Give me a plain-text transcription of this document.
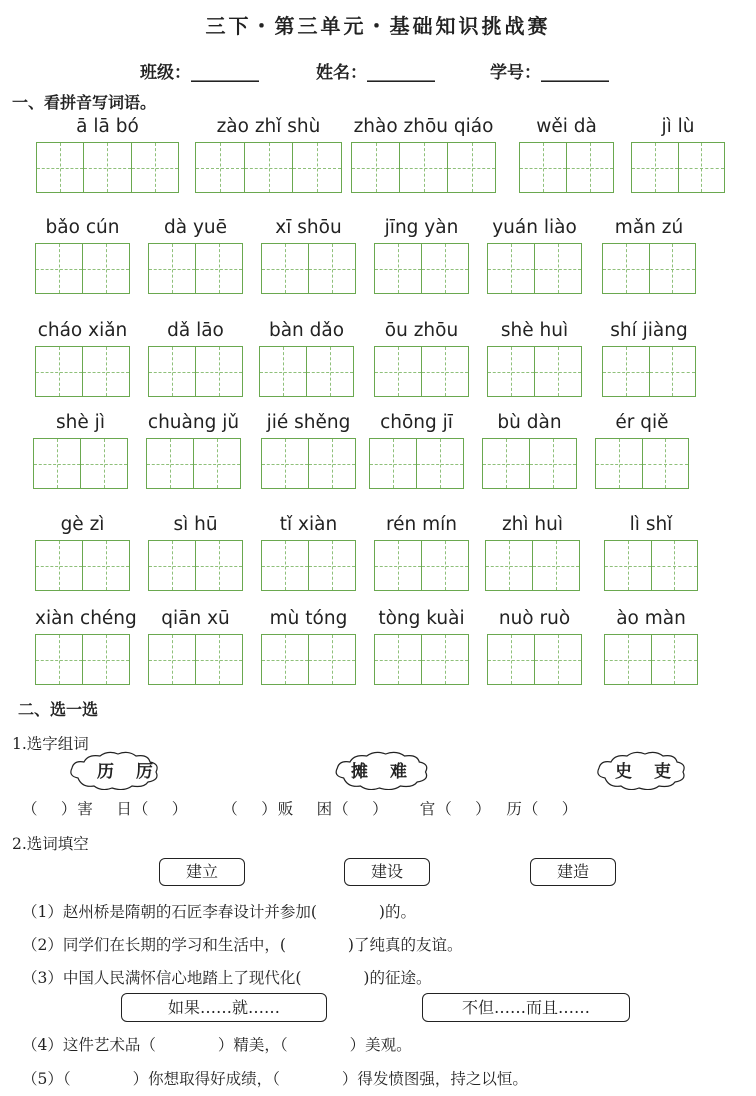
三下・第三单元・基础知识挑战赛
班级：________	姓名：________	学号：________
一、看拼音写词语。
ā lā bó	zào zhǐ shù	zhào zhōu qiáo	wěi dà	jì lù
bǎo cún	dà yuē	xī shōu	jīng yàn	yuán liào	mǎn zú
cháo xiǎn	dǎ lāo	bàn dǎo	ōu zhōu	shè huì	shí jiàng
shè jì	chuàng jǔ	jié shěng	chōng jī	bù dàn	ér qiě
gè zì	sì hū	tǐ xiàn	rén mín	zhì huì	lì shǐ
xiàn chéng	qiān xū	mù tóng	tòng kuài	nuò ruò	ào màn
二、选一选
1.选字组词
历 厉	摊 难	史 吏
（　 ）害　 日（　 ）　　　（　 ）贩　 困（　 ）　　 官（　 ）　 历（　 ）
2.选词填空
建立	建设	建造
（1）赵州桥是隋朝的石匠李春设计并参加(　　　　)的。
（2）同学们在长期的学习和生活中，(　　　　)了纯真的友谊。
（3）中国人民满怀信心地踏上了现代化(　　　　)的征途。
如果……就……	不但……而且……
（4）这件艺术品（　　　　）精美，（　　　　）美观。
（5）（　　　　）你想取得好成绩，（　　　　）得发愤图强，持之以恒。
